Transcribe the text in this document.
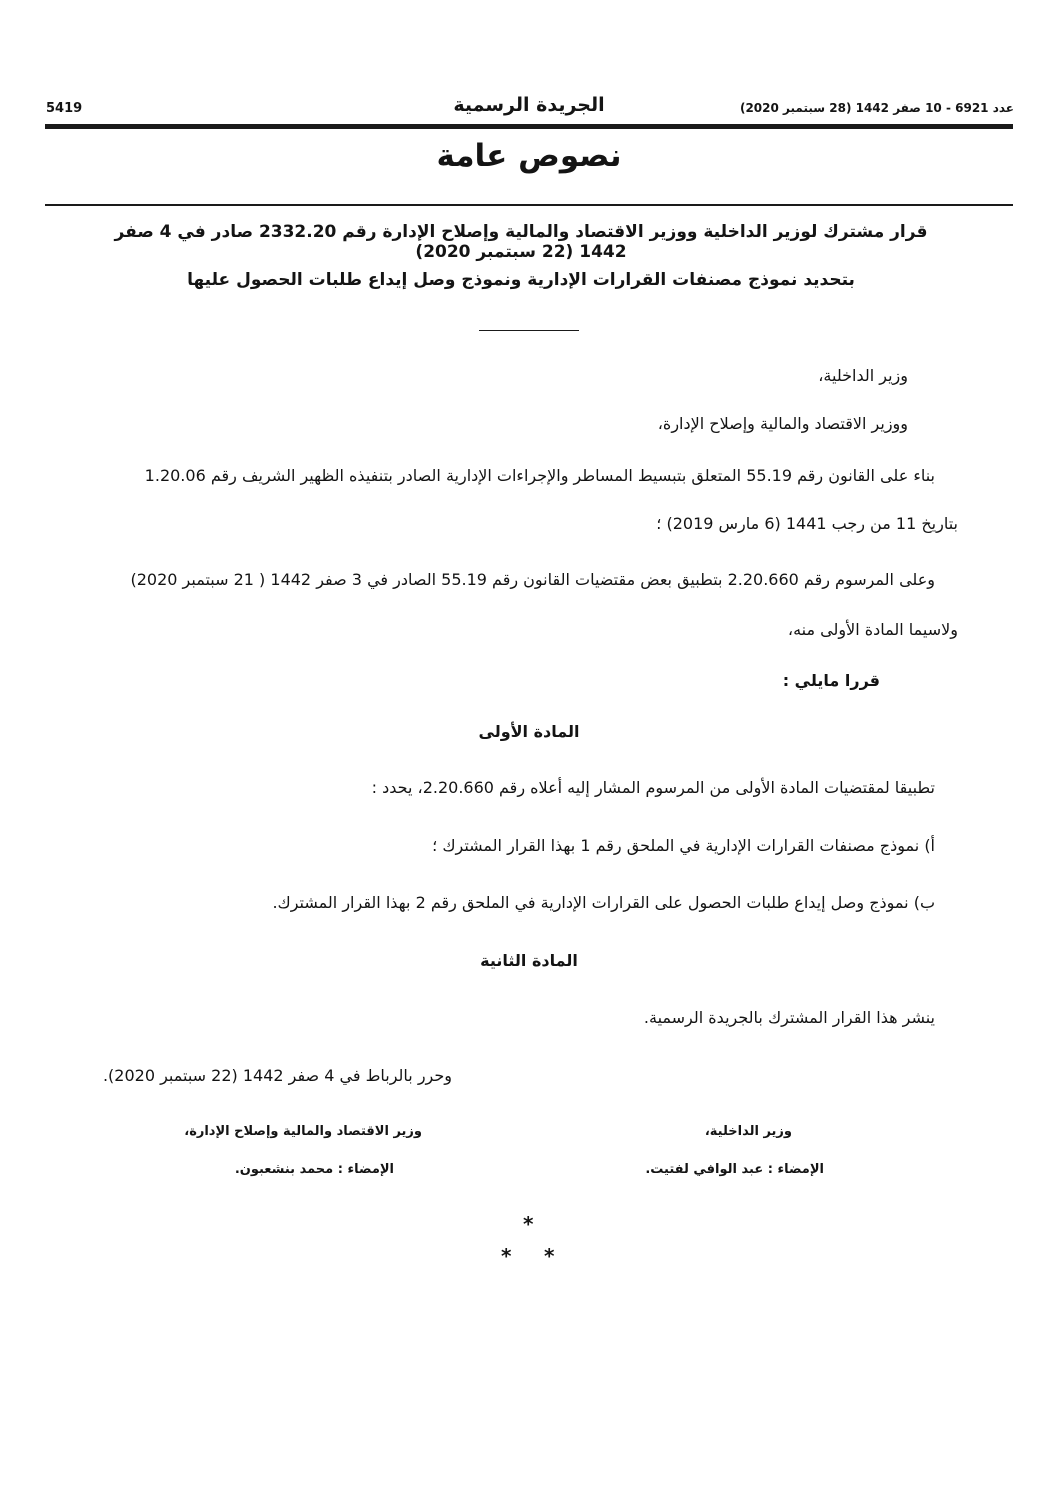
5419	الجريدة الرسمية	عدد 6921 - 10 صفر 1442 (28 سبتمبر 2020)
نصوص عامة
قرار مشترك لوزير الداخلية ووزير الاقتصاد والمالية وإصلاح الإدارة رقم 2332.20 صادر في 4 صفر 1442 (22 سبتمبر 2020)
بتحديد نموذج مصنفات القرارات الإدارية ونموذج وصل إيداع طلبات الحصول عليها
وزير الداخلية،
ووزير الاقتصاد والمالية وإصلاح الإدارة،
بناء على القانون رقم 55.19 المتعلق بتبسيط المساطر والإجراءات الإدارية الصادر بتنفيذه الظهير الشريف رقم 1.20.06
بتاريخ 11 من رجب 1441 (6 مارس 2019) ؛
وعلى المرسوم رقم 2.20.660 بتطبيق بعض مقتضيات القانون رقم 55.19 الصادر في 3 صفر 1442 ( 21 سبتمبر 2020)
ولاسيما المادة الأولى منه،
قررا مايلي :
المادة الأولى
تطبيقا لمقتضيات المادة الأولى من المرسوم المشار إليه أعلاه رقم 2.20.660، يحدد :
أ) نموذج مصنفات القرارات الإدارية في الملحق رقم 1 بهذا القرار المشترك ؛
ب) نموذج وصل إيداع طلبات الحصول على القرارات الإدارية في الملحق رقم 2 بهذا القرار المشترك.
المادة الثانية
ينشر هذا القرار المشترك بالجريدة الرسمية.
وحرر بالرباط في 4 صفر 1442 (22 سبتمبر 2020).
وزير الداخلية،
الإمضاء : عبد الوافي لفتيت.
وزير الاقتصاد والمالية وإصلاح الإدارة،
الإمضاء : محمد بنشعبون.
*
* *
